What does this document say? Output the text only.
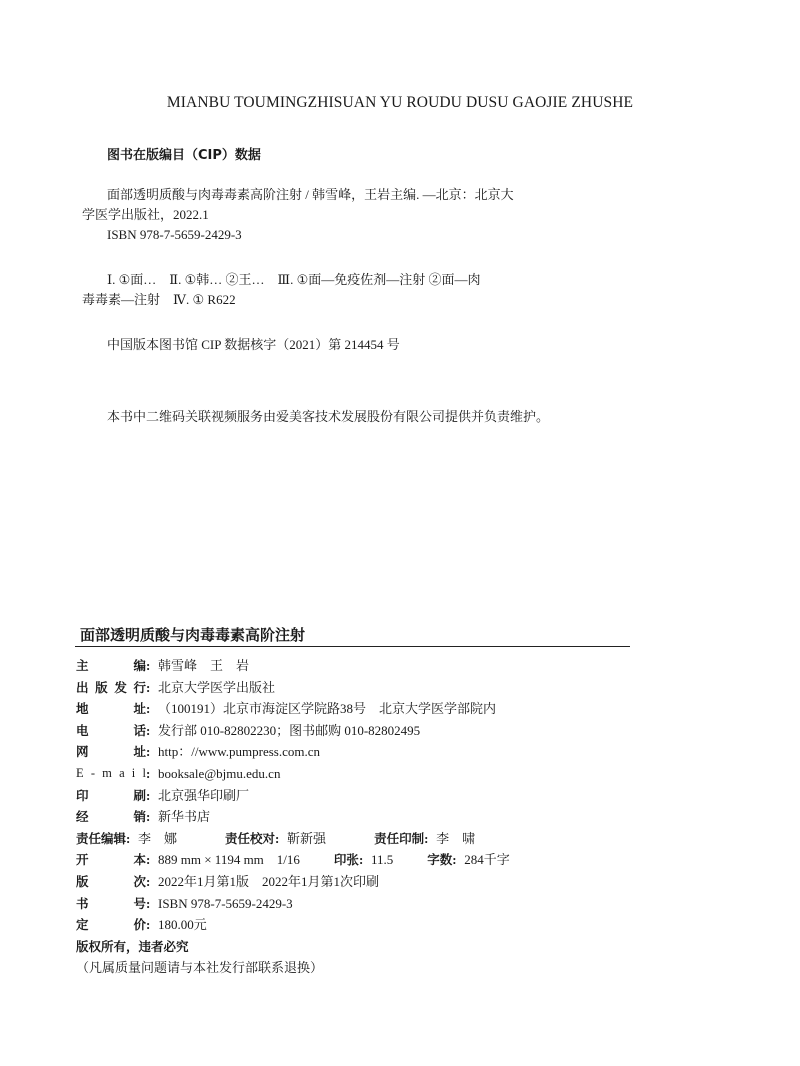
MIANBU TOUMINGZHISUAN YU ROUDU DUSU GAOJIE ZHUSHE
图书在版编目（CIP）数据
面部透明质酸与肉毒毒素高阶注射 / 韩雪峰，王岩主编. —北京：北京大
学医学出版社，2022.1
ISBN 978-7-5659-2429-3
Ⅰ. ①面…　Ⅱ. ①韩… ②王…　Ⅲ. ①面—免疫佐剂—注射 ②面—肉
毒毒素—注射　Ⅳ. ① R622
中国版本图书馆 CIP 数据核字（2021）第 214454 号
本书中二维码关联视频服务由爱美客技术发展股份有限公司提供并负责维护。
面部透明质酸与肉毒毒素高阶注射
主	编 : 韩雪峰　王　岩
出 版 发 行 : 北京大学医学出版社
地	址 : （100191）北京市海淀区学院路38号　北京大学医学部院内
电	话 : 发行部 010-82802230；图书邮购 010-82802495
网	址 : http：//www.pumpress.com.cn
E - m a i l : booksale@bjmu.edu.cn
印	刷 : 北京强华印刷厂
经	销 : 新华书店
责任编辑 : 李　娜	责任校对 : 靳新强	责任印制 : 李　啸
开	本 : 889 mm × 1194 mm　1/16	印张 : 11.5	字数 : 284千字
版	次 : 2022年1月第1版　2022年1月第1次印刷
书	号 : ISBN 978-7-5659-2429-3
定	价 : 180.00元
版权所有，违者必究
（凡属质量问题请与本社发行部联系退换）
